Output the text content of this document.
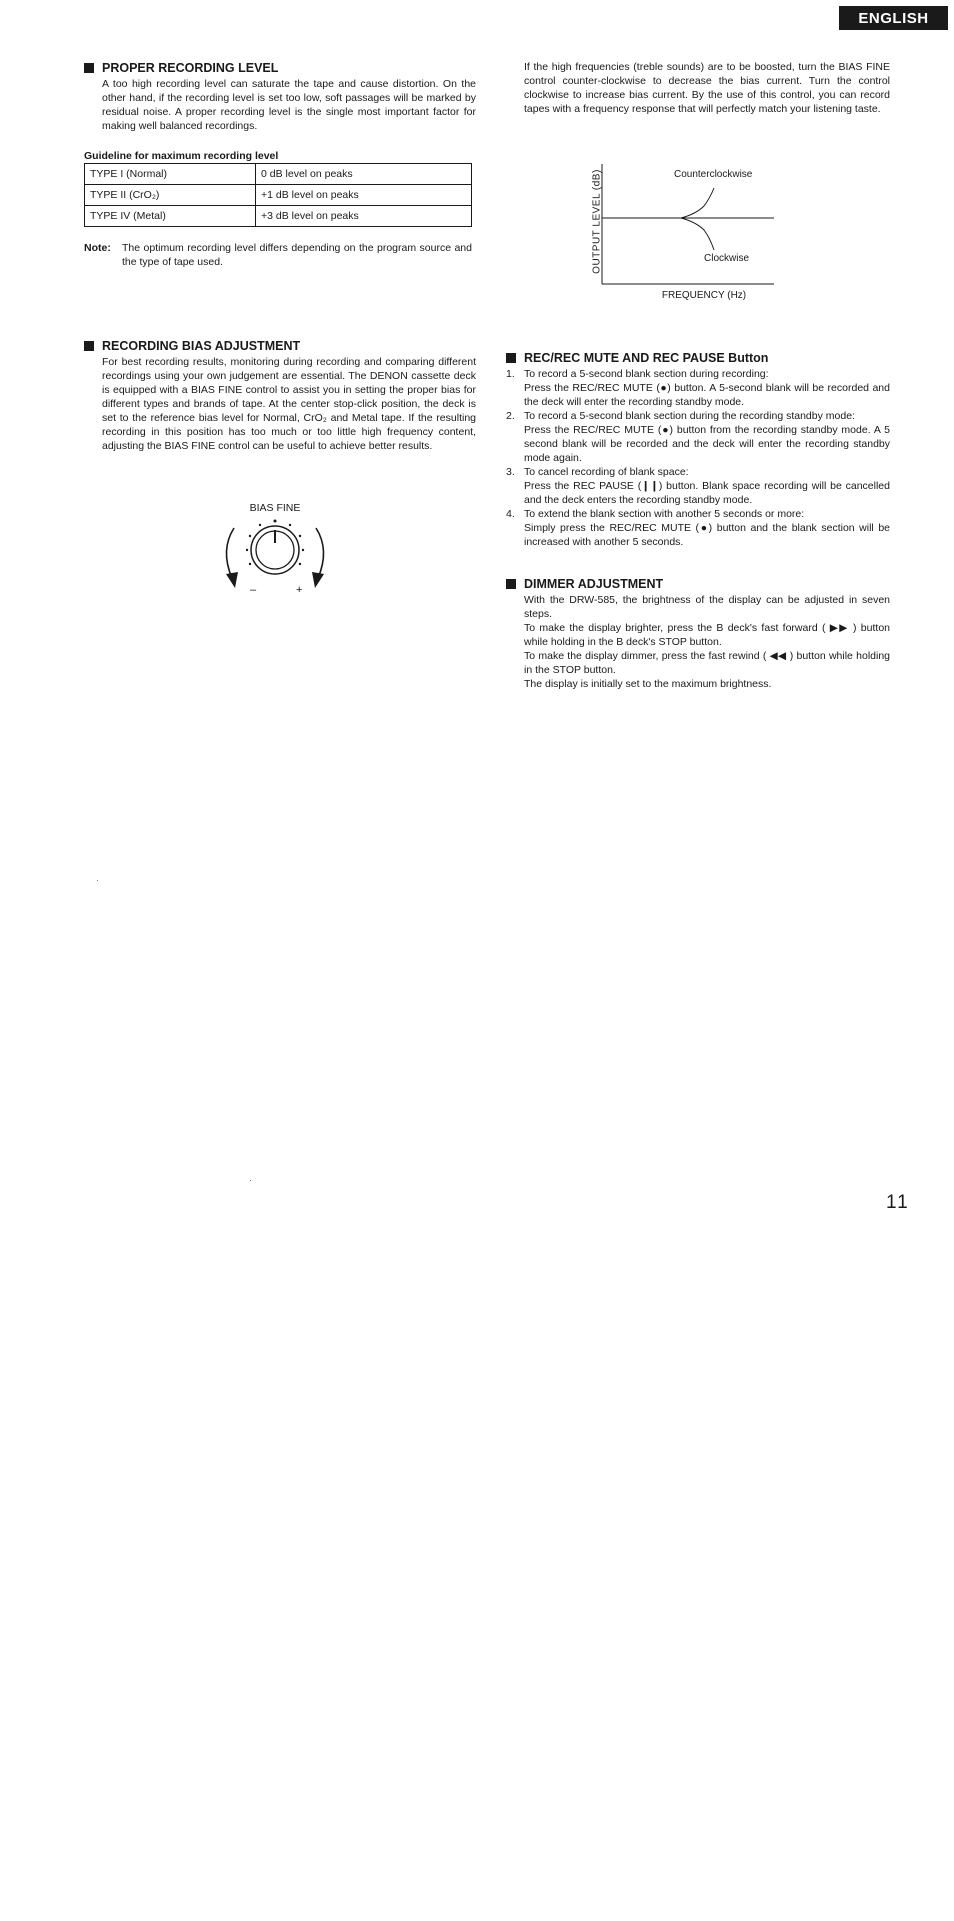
ENGLISH
PROPER RECORDING LEVEL

A too high recording level can saturate the tape and cause distortion. On the other hand, if the recording level is set too low, soft passages will be marked by residual noise. A proper recording level is the single most important factor for making well balanced recordings.

Guideline for maximum recording level

TYPE I (Normal)	0 dB level on peaks
TYPE II (CrO₂)	+1 dB level on peaks
TYPE IV (Metal)	+3 dB level on peaks
Note:	The optimum recording level differs depending on the program source and the type of tape used.
RECORDING BIAS ADJUSTMENT

For best recording results, monitoring during recording and comparing different recordings using your own judgement are essential. The DENON cassette deck is equipped with a BIAS FINE control to assist you in setting the proper bias for different types and brands of tape. At the center stop-click position, the deck is set to the reference bias level for Normal, CrO₂ and Metal tape. If the resulting recording in this position has too much or too little high frequency content, adjusting the BIAS FINE control can be useful to achieve better results.

BIAS FINE
–	+

If the high frequencies (treble sounds) are to be boosted, turn the BIAS FINE control counter-clockwise to decrease the bias current. Turn the control clockwise to increase bias current. By the use of this control, you can record tapes with a frequency response that will perfectly match your listening taste.

OUTPUT LEVEL (dB)
FREQUENCY (Hz)
Counterclockwise
Clockwise
REC/REC MUTE AND REC PAUSE Button
1. To record a 5-second blank section during recording:
Press the REC/REC MUTE (●) button. A 5-second blank will be recorded and the deck will enter the recording standby mode.
2. To record a 5-second blank section during the recording standby mode:
Press the REC/REC MUTE (●) button from the recording standby mode. A 5 second blank will be recorded and the deck will enter the recording standby mode again.
3. To cancel recording of blank space:
Press the REC PAUSE (❙❙) button. Blank space recording will be cancelled and the deck enters the recording standby mode.
4. To extend the blank section with another 5 seconds or more:
Simply press the REC/REC MUTE (●) button and the blank section will be increased with another 5 seconds.
DIMMER ADJUSTMENT

With the DRW-585, the brightness of the display can be adjusted in seven steps.

To make the display brighter, press the B deck's fast forward ( ▶▶ ) button while holding in the B deck's STOP button.

To make the display dimmer, press the fast rewind ( ◀◀ ) button while holding in the STOP button.

The display is initially set to the maximum brightness.

11
